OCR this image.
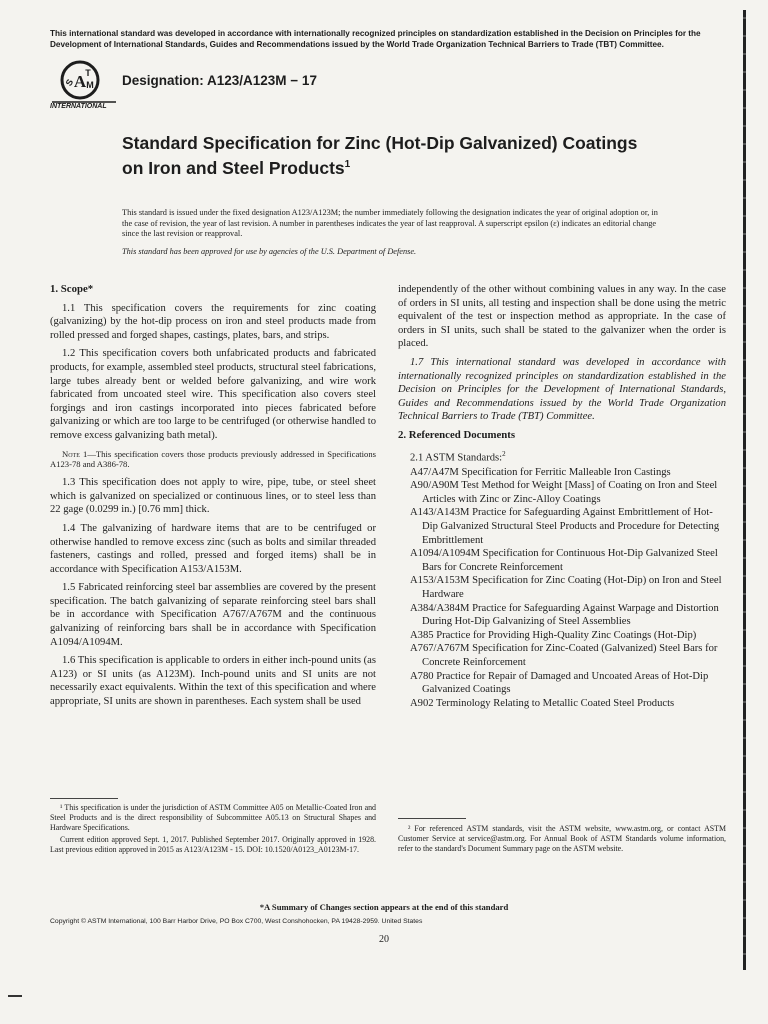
This international standard was developed in accordance with internationally recognized principles on standardization established in the Decision on Principles for the Development of International Standards, Guides and Recommendations issued by the World Trade Organization Technical Barriers to Trade (TBT) Committee.
A
S
T
M
INTERNATIONAL
Designation: A123/A123M − 17
Standard Specification for Zinc (Hot-Dip Galvanized) Coatings on Iron and Steel Products$^1$
This standard is issued under the fixed designation A123/A123M; the number immediately following the designation indicates the year of original adoption or, in the case of revision, the year of last revision. A number in parentheses indicates the year of last reapproval. A superscript epsilon (ε) indicates an editorial change since the last revision or reapproval.
This standard has been approved for use by agencies of the U.S. Department of Defense.
1. Scope*

1.1 This specification covers the requirements for zinc coating (galvanizing) by the hot-dip process on iron and steel products made from rolled pressed and forged shapes, castings, plates, bars, and strips.

1.2 This specification covers both unfabricated products and fabricated products, for example, assembled steel products, structural steel fabrications, large tubes already bent or welded before galvanizing, and wire work fabricated from uncoated steel wire. This specification also covers steel forgings and iron castings incorporated into pieces fabricated before galvanizing or which are too large to be centrifuged (or otherwise handled to remove excess galvanizing bath metal).

Note 1—This specification covers those products previously addressed in Specifications A123-78 and A386-78.

1.3 This specification does not apply to wire, pipe, tube, or steel sheet which is galvanized on specialized or continuous lines, or to steel less than 22 gage (0.0299 in.) [0.76 mm] thick.

1.4 The galvanizing of hardware items that are to be centrifuged or otherwise handled to remove excess zinc (such as bolts and similar threaded fasteners, castings and rolled, pressed and forged items) shall be in accordance with Specification A153/A153M.

1.5 Fabricated reinforcing steel bar assemblies are covered by the present specification. The batch galvanizing of separate reinforcing steel bars shall be in accordance with Specification A767/A767M and the continuous galvanizing of reinforcing bars shall be in accordance with Specification A1094/A1094M.

1.6 This specification is applicable to orders in either inch-pound units (as A123) or SI units (as A123M). Inch-pound units and SI units are not necessarily exact equivalents. Within the text of this specification and where appropriate, SI units are shown in parentheses. Each system shall be used

independently of the other without combining values in any way. In the case of orders in SI units, all testing and inspection shall be done using the metric equivalent of the test or inspection method as appropriate. In the case of orders in SI units, such shall be stated to the galvanizer when the order is placed.

1.7 This international standard was developed in accordance with internationally recognized principles on standardization established in the Decision on Principles for the Development of International Standards, Guides and Recommendations issued by the World Trade Organization Technical Barriers to Trade (TBT) Committee.

2. Referenced Documents
2.1 ASTM Standards:$^2$
A47/A47M Specification for Ferritic Malleable Iron Castings
A90/A90M Test Method for Weight [Mass] of Coating on Iron and Steel Articles with Zinc or Zinc-Alloy Coatings
A143/A143M Practice for Safeguarding Against Embrittlement of Hot-Dip Galvanized Structural Steel Products and Procedure for Detecting Embrittlement
A1094/A1094M Specification for Continuous Hot-Dip Galvanized Steel Bars for Concrete Reinforcement
A153/A153M Specification for Zinc Coating (Hot-Dip) on Iron and Steel Hardware
A384/A384M Practice for Safeguarding Against Warpage and Distortion During Hot-Dip Galvanizing of Steel Assemblies
A385 Practice for Providing High-Quality Zinc Coatings (Hot-Dip)
A767/A767M Specification for Zinc-Coated (Galvanized) Steel Bars for Concrete Reinforcement
A780 Practice for Repair of Damaged and Uncoated Areas of Hot-Dip Galvanized Coatings
A902 Terminology Relating to Metallic Coated Steel Products

¹ This specification is under the jurisdiction of ASTM Committee A05 on Metallic-Coated Iron and Steel Products and is the direct responsibility of Subcommittee A05.13 on Structural Shapes and Hardware Specifications.

Current edition approved Sept. 1, 2017. Published September 2017. Originally approved in 1928. Last previous edition approved in 2015 as A123/A123M - 15. DOI: 10.1520/A0123_A0123M-17.

² For referenced ASTM standards, visit the ASTM website, www.astm.org, or contact ASTM Customer Service at service@astm.org. For Annual Book of ASTM Standards volume information, refer to the standard's Document Summary page on the ASTM website.

*A Summary of Changes section appears at the end of this standard
Copyright © ASTM International, 100 Barr Harbor Drive, PO Box C700, West Conshohocken, PA 19428-2959. United States
20
